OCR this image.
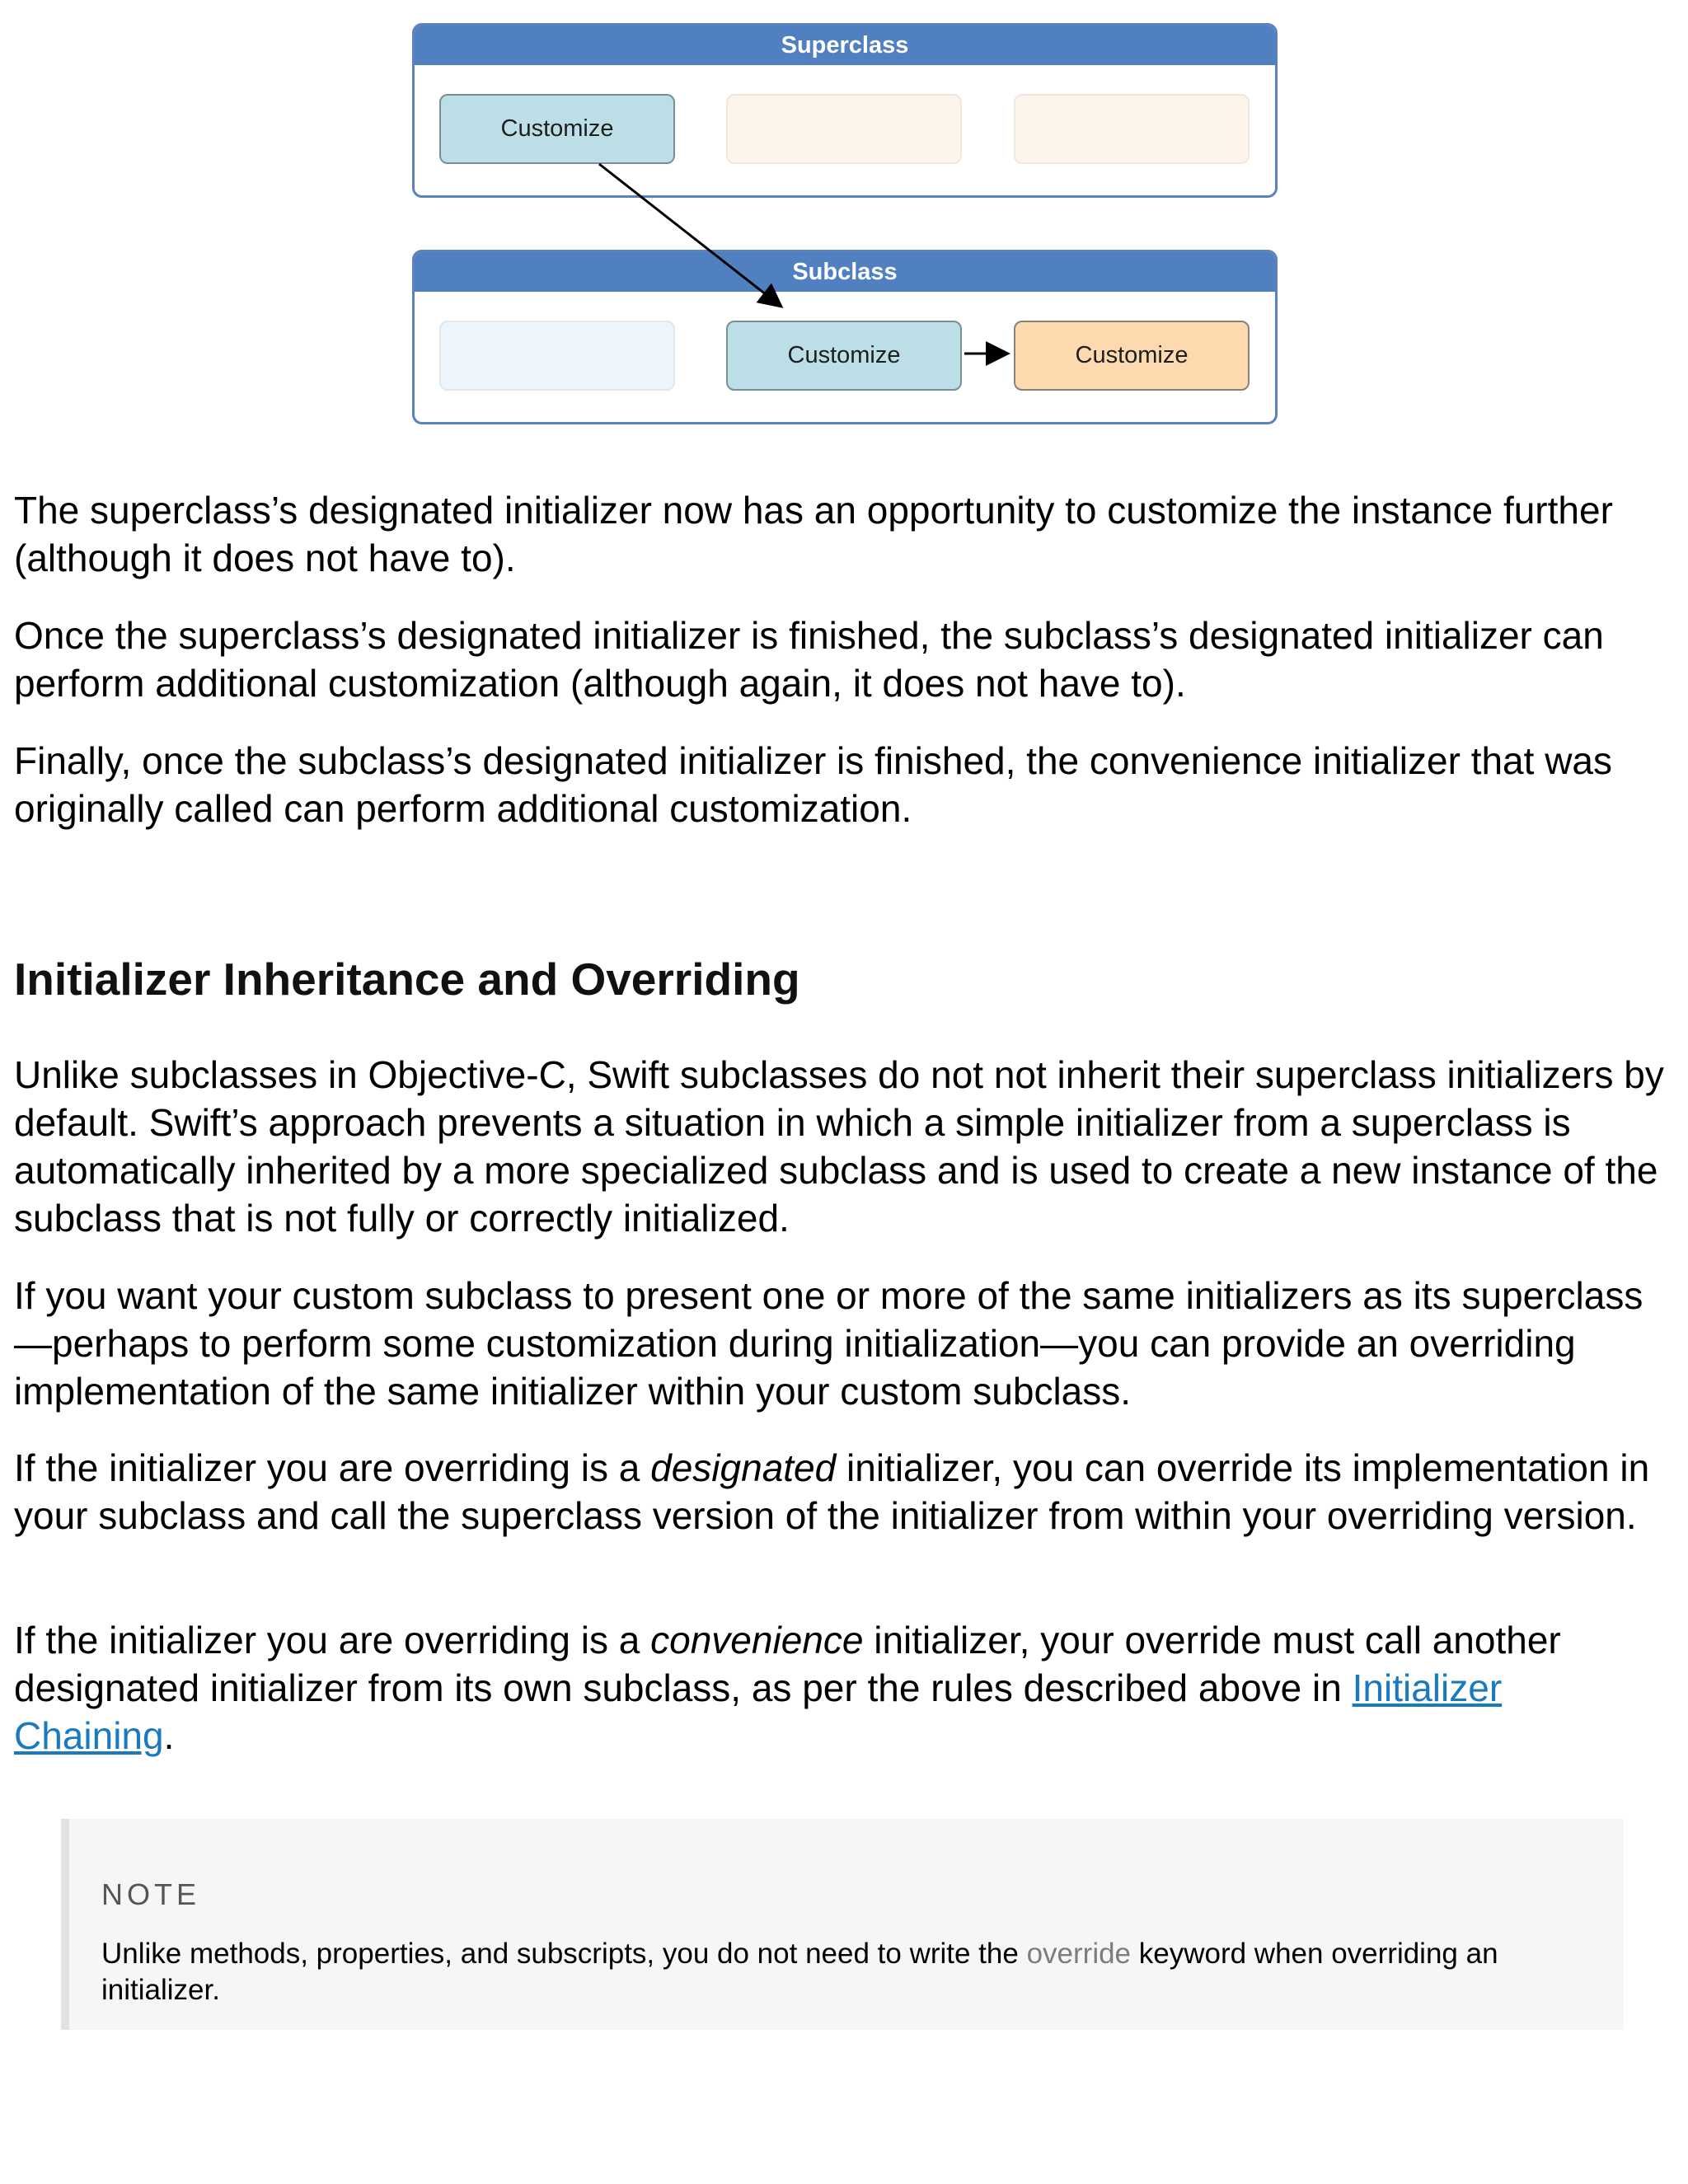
Superclass
Customize
Subclass
Customize	Customize

The superclass’s designated initializer now has an opportunity to customize the instance further (although it does not have to).

Once the superclass’s designated initializer is finished, the subclass’s designated initializer can perform additional customization (although again, it does not have to).

Finally, once the subclass’s designated initializer is finished, the convenience initializer that was originally called can perform additional customization.

Initializer Inheritance and Overriding

Unlike subclasses in Objective-C, Swift subclasses do not not inherit their superclass initializers by default. Swift’s approach prevents a situation in which a simple initializer from a superclass is automatically inherited by a more specialized subclass and is used to create a new instance of the subclass that is not fully or correctly initialized.

If you want your custom subclass to present one or more of the same initializers as its superclass—perhaps to perform some customization during initialization—you can provide an overriding implementation of the same initializer within your custom subclass.

If the initializer you are overriding is a designated initializer, you can override its implementation in your subclass and call the superclass version of the initializer from within your overriding version.

If the initializer you are overriding is a convenience initializer, your override must call another designated initializer from its own subclass, as per the rules described above in Initializer Chaining.

NOTE
Unlike methods, properties, and subscripts, you do not need to write the override keyword when overriding an initializer.
